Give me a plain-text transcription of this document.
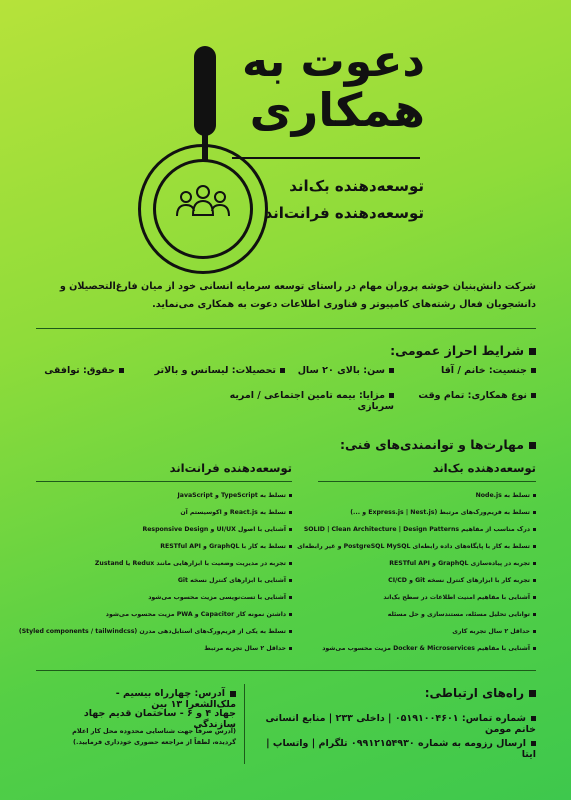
دعوت به
همکاری
توسعه‌دهنده بک‌اند
توسعه‌دهنده فرانت‌اند
شرکت دانش‌بنیان خوشه پروران مهام در راستای توسعه سرمایه انسانی خود از میان فارغ‌التحصیلان و دانشجویان فعال رشته‌های کامپیوتر و فناوری اطلاعات دعوت به همکاری می‌نماید.
شرایط احراز عمومی:
جنسیت: خانم / آقا
سن: بالای ۲۰ سال
تحصیلات: لیسانس و بالاتر
حقوق: توافقی
نوع همکاری: تمام وقت
مزایا: بیمه تامین اجتماعی / امریه سربازی
مهارت‌ها و توانمندی‌های فنی:
توسعه‌دهنده بک‌اند
توسعه‌دهنده فرانت‌اند
تسلط به Node.js
تسلط به فریم‌ورک‌های مرتبط (Express.js | Nest.js و ...)
درک مناسب از مفاهیم SOLID | Clean Architecture | Design Patterns
تسلط به کار با پایگاه‌های داده رابطه‌ای PostgreSQL MySQL و غیر رابطه‌ای
تجربه در پیاده‌سازی GraphQL و RESTful API
تجربه کار با ابزارهای کنترل نسخه Git و CI/CD
آشنایی با مفاهیم امنیت اطلاعات در سطح بک‌اند
توانایی تحلیل مسئله، مستندسازی و حل مسئله
حداقل ۲ سال تجربه کاری
آشنایی با مفاهیم Docker & Microservices مزیت محسوب می‌شود
تسلط به TypeScript و JavaScript
تسلط به React.js و اکوسیستم آن
آشنایی با اصول UI/UX و Responsive Design
تسلط به کار با GraphQL و RESTful API
تجربه در مدیریت وضعیت با ابزارهایی مانند Redux یا Zustand
آشنایی با ابزارهای کنترل نسخه Git
آشنایی با تست‌نویسی مزیت محسوب می‌شود
داشتن نمونه کار Capacitor و PWA مزیت محسوب می‌شود
تسلط به یکی از فریم‌ورک‌های استایل‌دهی مدرن (Styled components / tailwindcss)
حداقل ۲ سال تجربه مرتبط
راه‌های ارتباطی:
شماره تماس: ۰۵۱۹۱۰۰۴۶۰۱ | داخلی ۲۳۳ | منابع انسانی خانم مومن
ارسال رزومه به شماره ۰۹۹۱۲۱۵۴۹۳۰ تلگرام | واتساپ | ایتا
آدرس: چهارراه بیسیم - ملک‌الشعرا ۱۳ بین
جهاد ۴ و ۶ - ساختمان قدیم جهاد سازندگی
(آدرس صرفاً جهت شناسایی محدوده محل کار اعلام گردیده، لطفاً از مراجعه حضوری خودداری فرمایید.)
